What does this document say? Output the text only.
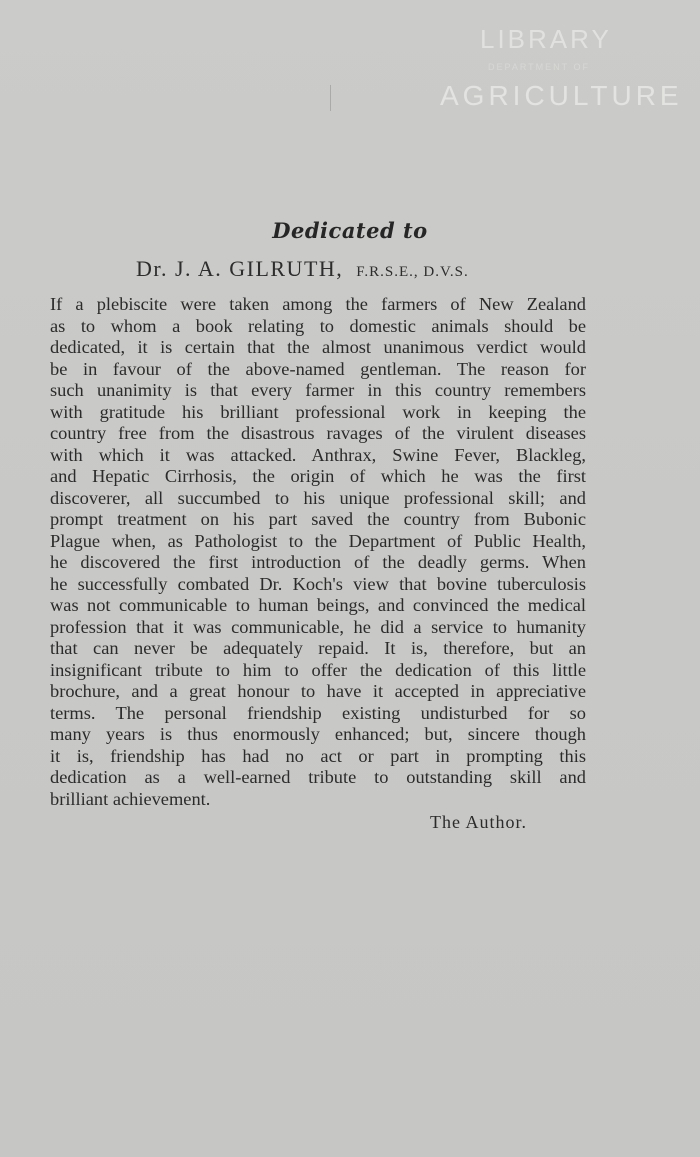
LIBRARY
DEPARTMENT OF
AGRICULTURE
Dedicated to
Dr. J. A. GILRUTH, F.R.S.E., D.V.S.
If a plebiscite were taken among the farmers of New Zealand
as to whom a book relating to domestic animals should be
dedicated, it is certain that the almost unanimous verdict would
be in favour of the above-named gentleman. The reason for
such unanimity is that every farmer in this country remembers
with gratitude his brilliant professional work in keeping the
country free from the disastrous ravages of the virulent diseases
with which it was attacked. Anthrax, Swine Fever, Blackleg,
and Hepatic Cirrhosis, the origin of which he was the first
discoverer, all succumbed to his unique professional skill; and
prompt treatment on his part saved the country from Bubonic
Plague when, as Pathologist to the Department of Public Health,
he discovered the first introduction of the deadly germs. When
he successfully combated Dr. Koch's view that bovine tuberculosis
was not communicable to human beings, and convinced the medical
profession that it was communicable, he did a service to humanity
that can never be adequately repaid. It is, therefore, but an
insignificant tribute to him to offer the dedication of this little
brochure, and a great honour to have it accepted in appreciative
terms. The personal friendship existing undisturbed for so
many years is thus enormously enhanced; but, sincere though
it is, friendship has had no act or part in prompting this
dedication as a well-earned tribute to outstanding skill and
brilliant achievement.
The Author.
